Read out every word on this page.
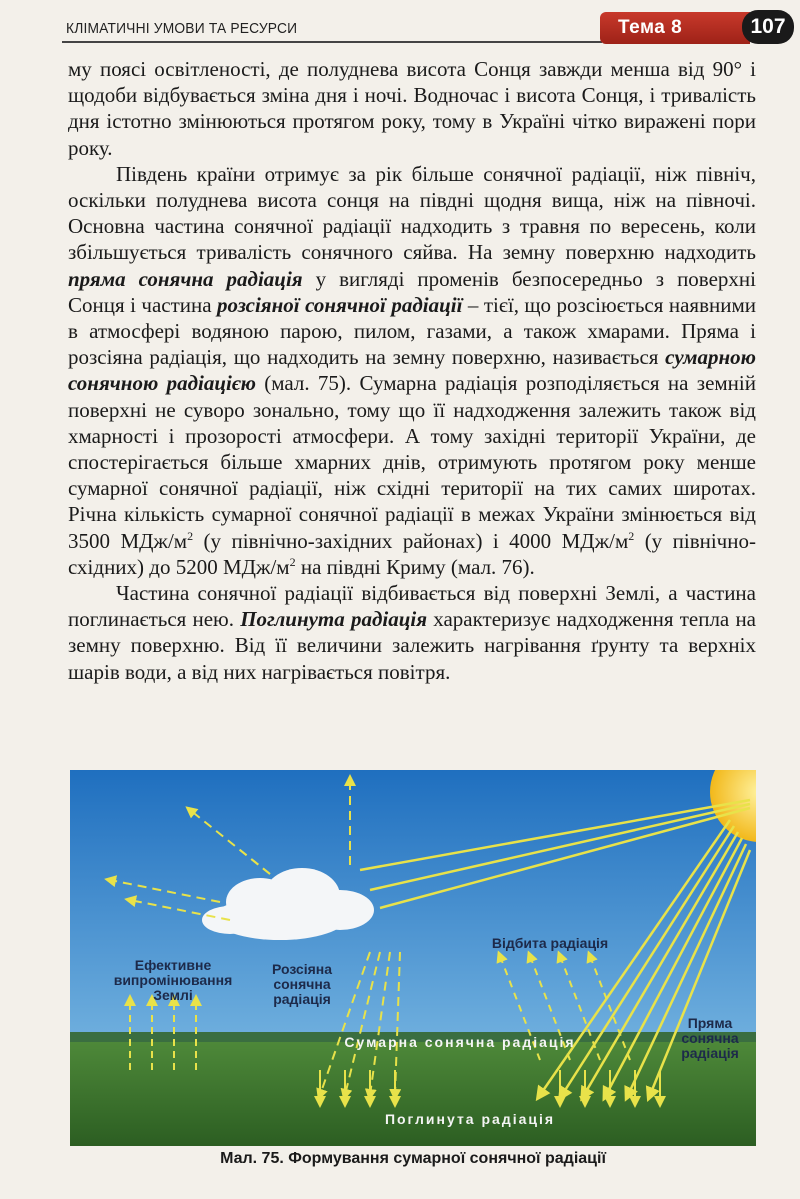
КЛІМАТИЧНІ УМОВИ ТА РЕСУРСИ	Тема 8	107

му поясі освітленості, де полуднева висота Сонця завжди менша від 90° і щодоби відбувається зміна дня і ночі. Водночас і висота Сонця, і тривалість дня істотно змінюються протягом року, тому в Україні чітко виражені пори року.

Південь країни отримує за рік більше сонячної радіації, ніж північ, оскільки полуднева висота сонця на півдні щодня вища, ніж на півночі. Основна частина сонячної радіації надходить з травня по вересень, коли збільшується тривалість сонячного сяйва. На земну поверхню надходить пряма сонячна радіація у вигляді променів безпосередньо з поверхні Сонця і частина розсіяної сонячної радіації – тієї, що розсіюється наявними в атмосфері водяною парою, пилом, газами, а також хмарами. Пряма і розсіяна радіація, що надходить на земну поверхню, називається сумарною сонячною радіацією (мал. 75). Сумарна радіація розподіляється на земній поверхні не суворо зонально, тому що її надходження залежить також від хмарності і прозорості атмосфери. А тому західні території України, де спостерігається більше хмарних днів, отримують протягом року менше сумарної сонячної радіації, ніж східні території на тих самих широтах. Річна кількість сумарної сонячної радіації в межах України змінюється від 3500 МДж/$м^2$ (у північно-західних районах) і 4000 МДж/$м^2$ (у північно-східних) до 5200 МДж/$м^2$ на півдні Криму (мал. 76).

Частина сонячної радіації відбивається від поверхні Землі, а частина поглинається нею. Поглинута радіація характеризує надходження тепла на земну поверхню. Від її величини залежить нагрівання ґрунту та верхніх шарів води, а від них нагрівається повітря.

Ефективне випромінювання Землі
Розсіяна сонячна радіація
Відбита радіація
Пряма сонячна радіація
Сумарна сонячна радіація
Поглинута радіація
Мал. 75. Формування сумарної сонячної радіації
